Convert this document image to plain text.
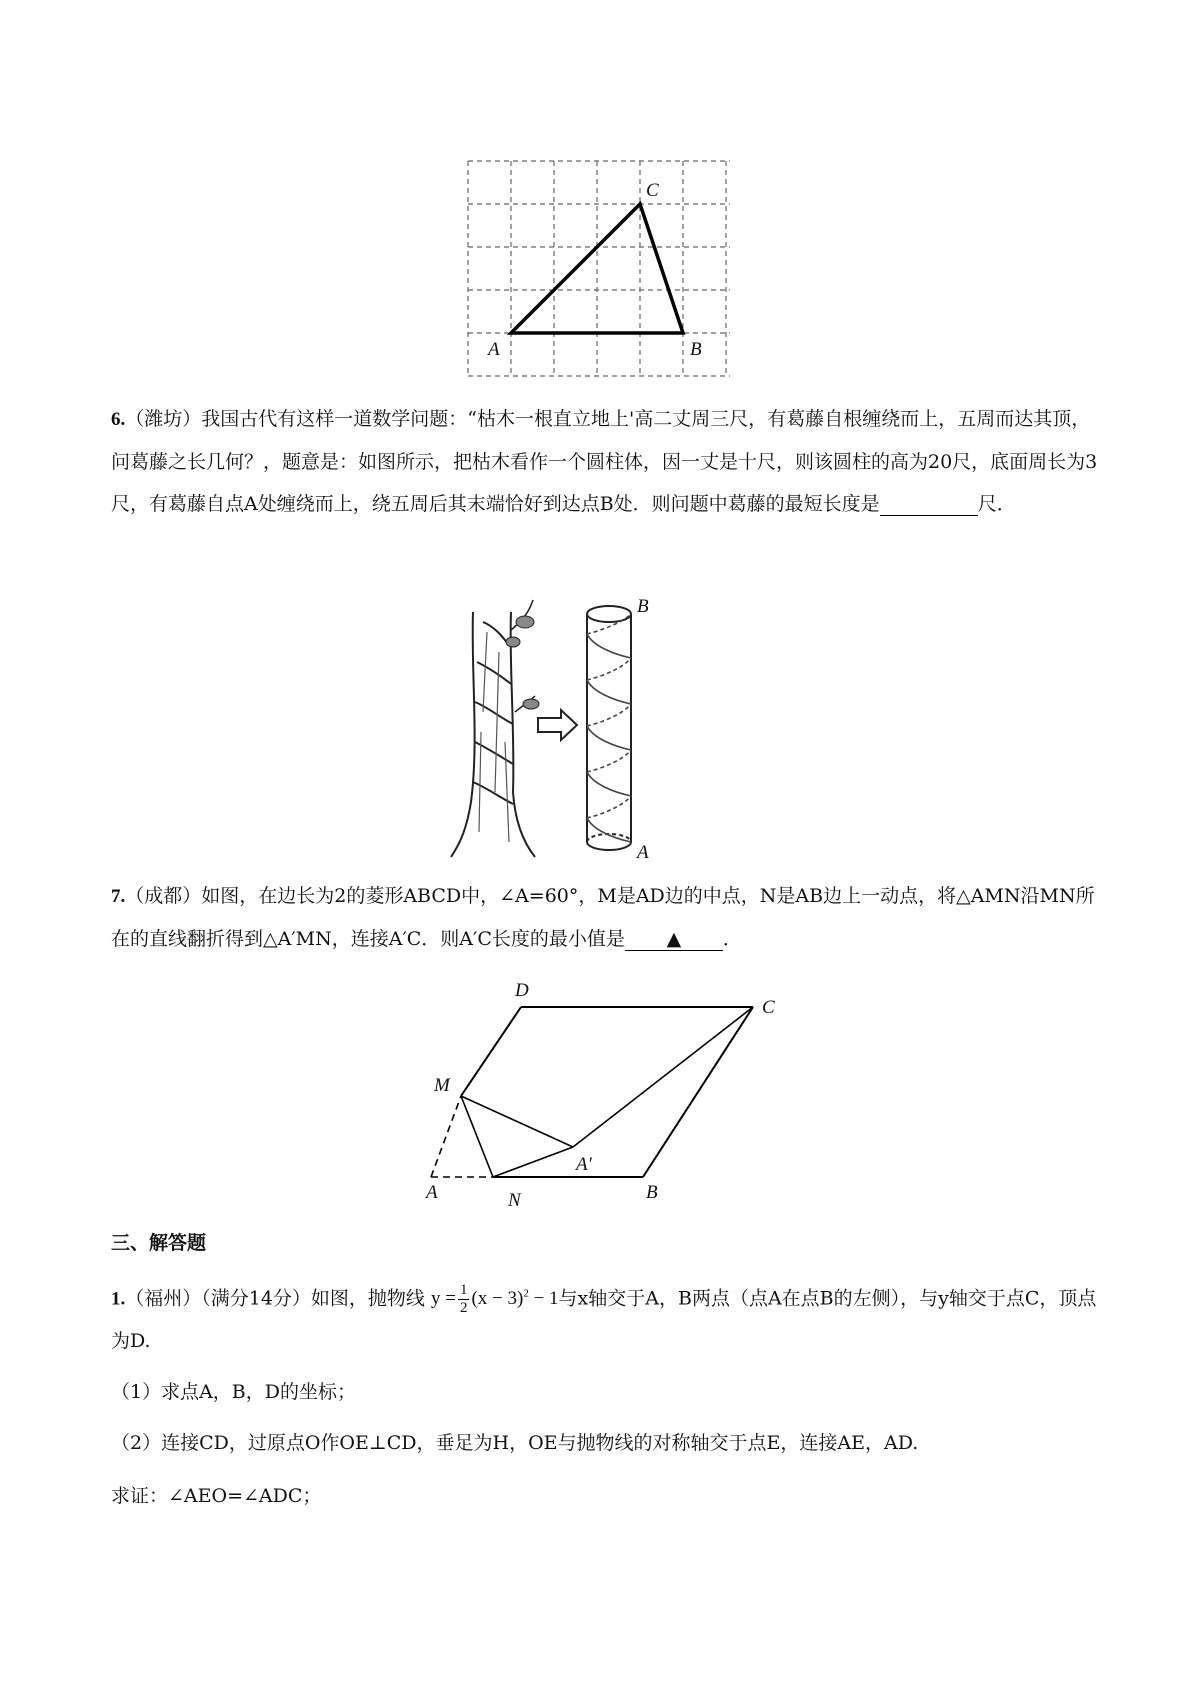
A	B
C

6.（潍坊）我国古代有这样一道数学问题：“枯木一根直立地上'高二丈周三尺，有葛藤自根缠绕而上，五周而达其顶，问葛藤之长几何？，题意是：如图所示，把枯木看作一个圆柱体，因一丈是十尺，则该圆柱的高为20尺，底面周长为3尺，有葛藤自点A处缠绕而上，绕五周后其末端恰好到达点B处．则问题中葛藤的最短长度是	尺．

B
A

7.（成都）如图，在边长为2的菱形ABCD中，∠A=60°，M是AD边的中点，N是AB边上一动点，将△AMN沿MN所在的直线翻折得到△A′MN，连接A′C．则A′C长度的最小值是 ▲ ．

D
C
M
A′
A	N	B

三、解答题

1.（福州）（满分14分）如图，抛物线 $y = \frac{1}{2} (x - 3)^2 - 1$与x轴交于A，B两点（点A在点B的左侧），与y轴交于点C，顶点为D.

（1）求点A，B，D的坐标；

（2）连接CD，过原点O作OE⊥CD，垂足为H，OE与抛物线的对称轴交于点E，连接AE，AD.

求证：∠AEO=∠ADC；
